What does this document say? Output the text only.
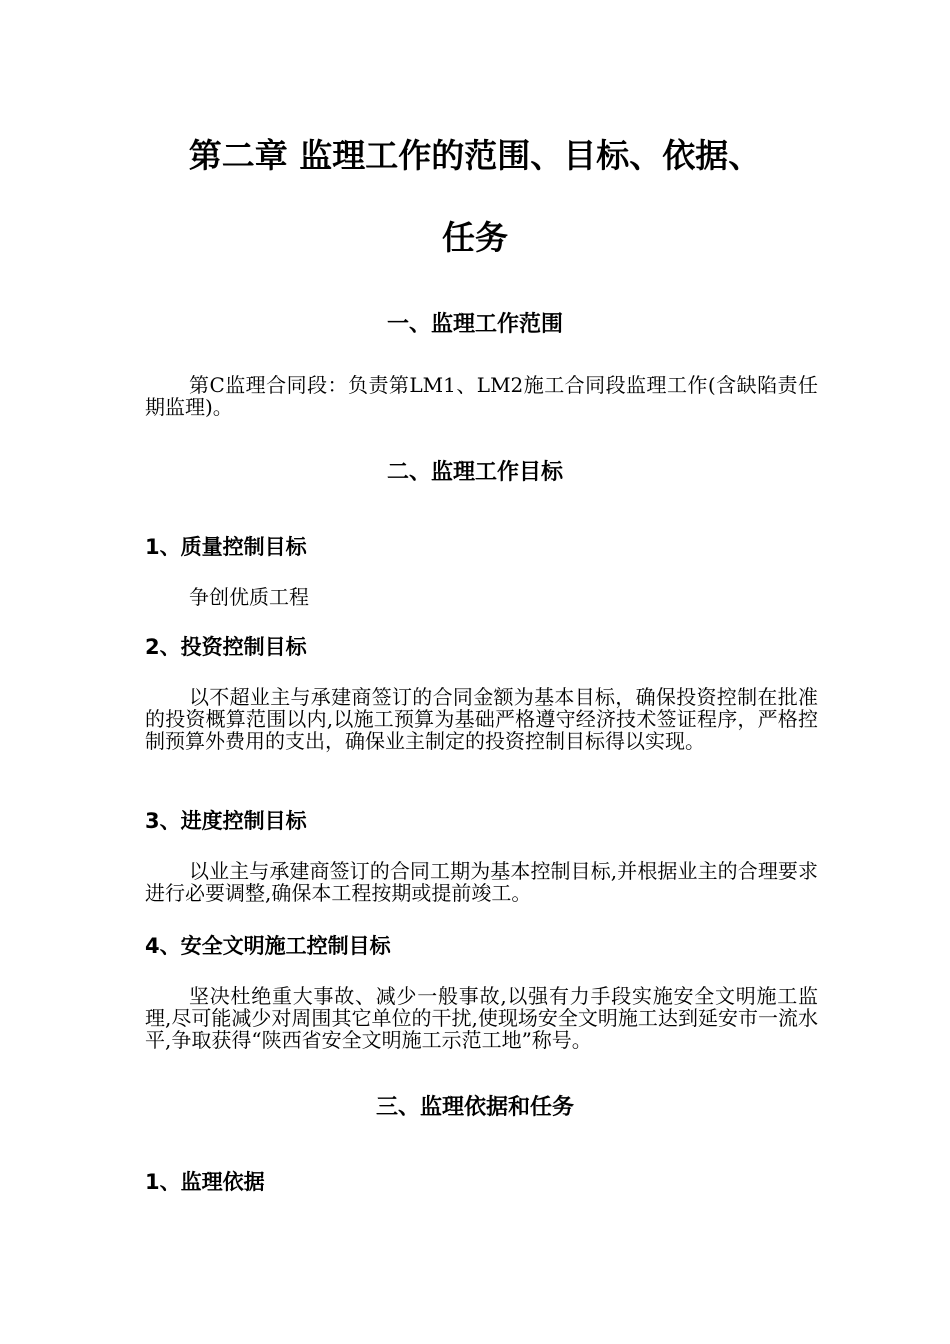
第二章 监理工作的范围、目标、依据、
任务
一、监理工作范围
第C监理合同段：负责第LM1、LM2施工合同段监理工作(含缺陷责任期监理)。
二、监理工作目标
1、质量控制目标
争创优质工程
2、投资控制目标
以不超业主与承建商签订的合同金额为基本目标，确保投资控制在批准的投资概算范围以内,以施工预算为基础严格遵守经济技术签证程序，严格控制预算外费用的支出，确保业主制定的投资控制目标得以实现。
3、进度控制目标
以业主与承建商签订的合同工期为基本控制目标,并根据业主的合理要求进行必要调整,确保本工程按期或提前竣工。
4、安全文明施工控制目标
坚决杜绝重大事故、减少一般事故,以强有力手段实施安全文明施工监理,尽可能减少对周围其它单位的干扰,使现场安全文明施工达到延安市一流水平,争取获得“陕西省安全文明施工示范工地”称号。
三、监理依据和任务
1、监理依据
